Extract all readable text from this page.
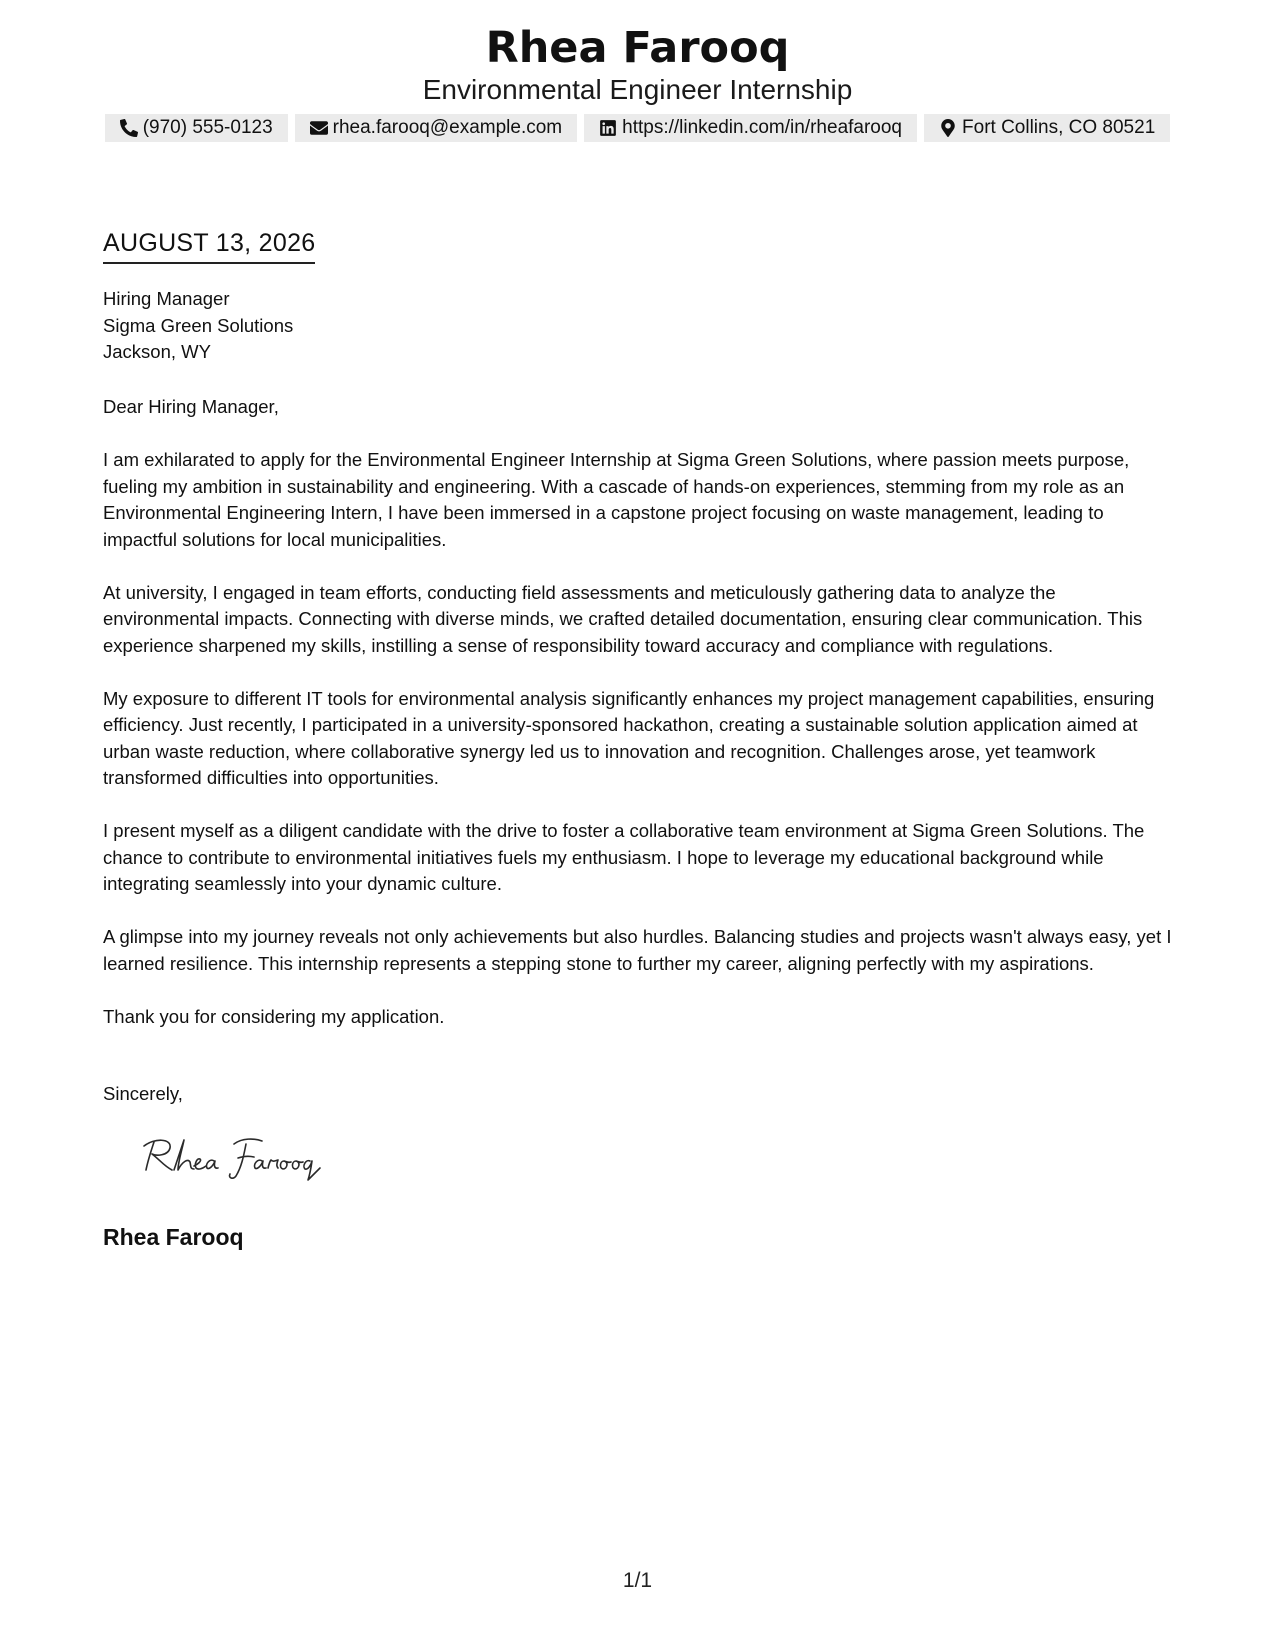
Rhea Farooq
Environmental Engineer Internship
(970) 555-0123	rhea.farooq@example.com	https://linkedin.com/in/rheafarooq	Fort Collins, CO 80521
AUGUST 13, 2026
Hiring Manager
Sigma Green Solutions
Jackson, WY

Dear Hiring Manager,

I am exhilarated to apply for the Environmental Engineer Internship at Sigma Green Solutions, where passion meets purpose, fueling my ambition in sustainability and engineering. With a cascade of hands-on experiences, stemming from my role as an Environmental Engineering Intern, I have been immersed in a capstone project focusing on waste management, leading to impactful solutions for local municipalities.

At university, I engaged in team efforts, conducting field assessments and meticulously gathering data to analyze the environmental impacts. Connecting with diverse minds, we crafted detailed documentation, ensuring clear communication. This experience sharpened my skills, instilling a sense of responsibility toward accuracy and compliance with regulations.

My exposure to different IT tools for environmental analysis significantly enhances my project management capabilities, ensuring efficiency. Just recently, I participated in a university-sponsored hackathon, creating a sustainable solution application aimed at urban waste reduction, where collaborative synergy led us to innovation and recognition. Challenges arose, yet teamwork transformed difficulties into opportunities.

I present myself as a diligent candidate with the drive to foster a collaborative team environment at Sigma Green Solutions. The chance to contribute to environmental initiatives fuels my enthusiasm. I hope to leverage my educational background while integrating seamlessly into your dynamic culture.

A glimpse into my journey reveals not only achievements but also hurdles. Balancing studies and projects wasn't always easy, yet I learned resilience. This internship represents a stepping stone to further my career, aligning perfectly with my aspirations.

Thank you for considering my application.

Sincerely,
Rhea Farooq
1/1
